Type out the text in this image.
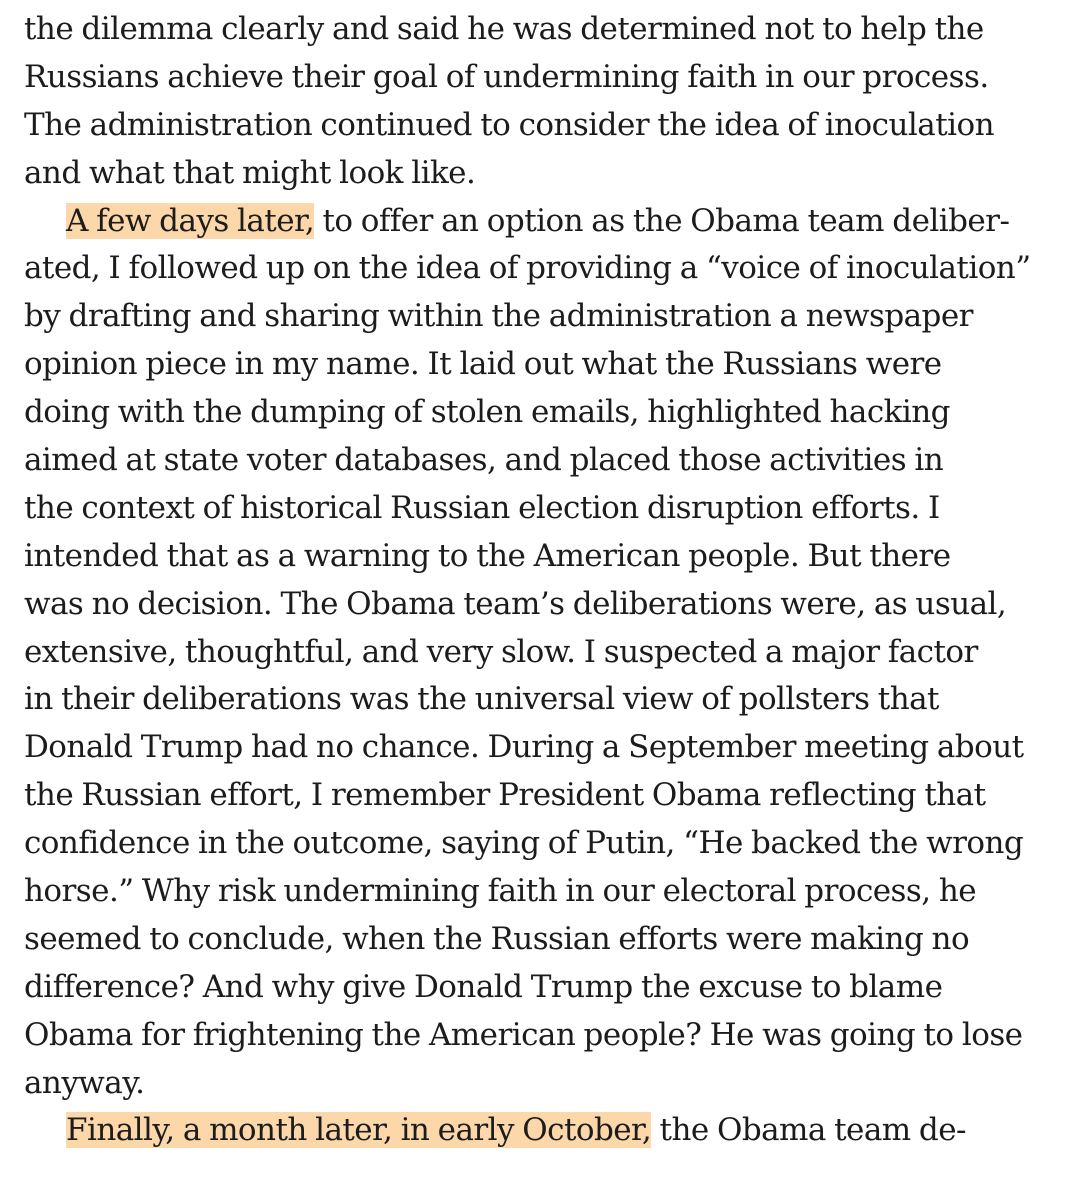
the dilemma clearly and said he was determined not to help the
Russians achieve their goal of undermining faith in our process.
The administration continued to consider the idea of inoculation
and what that might look like.
A few days later, to offer an option as the Obama team deliber-
ated, I followed up on the idea of providing a “voice of inoculation”
by drafting and sharing within the administration a newspaper
opinion piece in my name. It laid out what the Russians were
doing with the dumping of stolen emails, highlighted hacking
aimed at state voter databases, and placed those activities in
the context of historical Russian election disruption efforts. I
intended that as a warning to the American people. But there
was no decision. The Obama team’s deliberations were, as usual,
extensive, thoughtful, and very slow. I suspected a major factor
in their deliberations was the universal view of pollsters that
Donald Trump had no chance. During a September meeting about
the Russian effort, I remember President Obama reflecting that
confidence in the outcome, saying of Putin, “He backed the wrong
horse.” Why risk undermining faith in our electoral process, he
seemed to conclude, when the Russian efforts were making no
difference? And why give Donald Trump the excuse to blame
Obama for frightening the American people? He was going to lose
anyway.
Finally, a month later, in early October, the Obama team de-
